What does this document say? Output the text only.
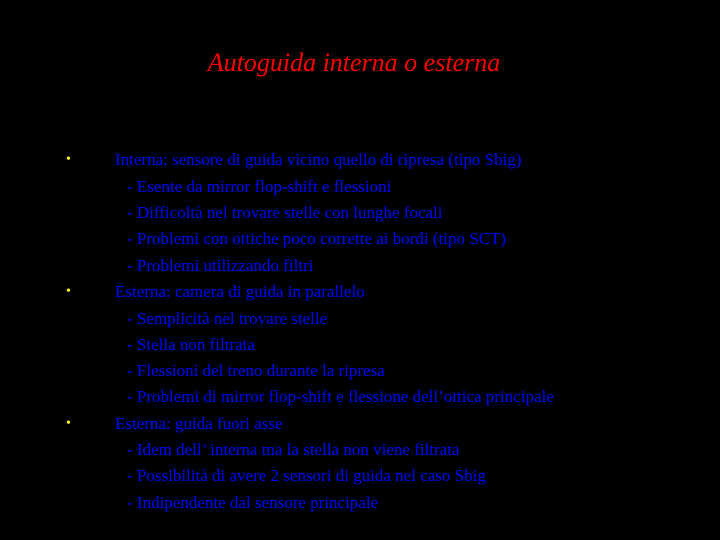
Autoguida interna o esterna
•	Interna: sensore di guida vicino quello di ripresa (tipo Sbig)
- Esente da mirror flop-shift e flessioni
- Difficoltà nel trovare stelle con lunghe focali
- Problemi con ottiche poco corrette ai bordi (tipo SCT)
- Problemi utilizzando filtri
•	Esterna: camera di guida in parallelo
- Semplicità nel trovare stelle
- Stella non filtrata
- Flessioni del treno durante la ripresa
- Problemi di mirror flop-shift e flessione dell’ottica principale
•	Esterna: guida fuori asse
- Idem dell’ interna ma la stella non viene filtrata
- Possibilità di avere 2 sensori di guida nel caso Sbig
- Indipendente dal sensore principale
